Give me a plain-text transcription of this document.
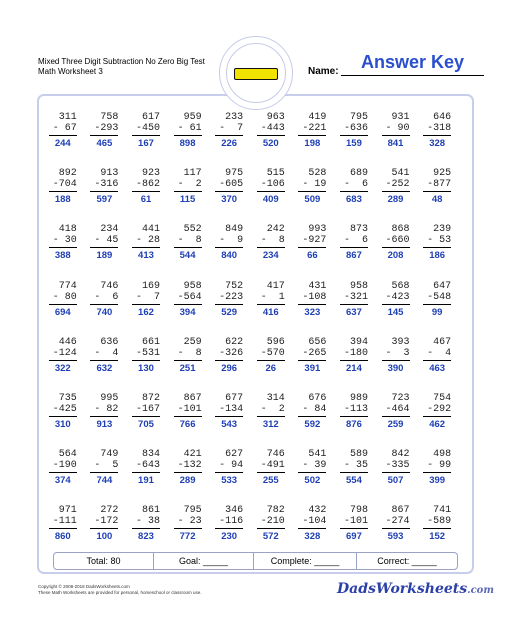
Mixed Three Digit Subtraction No Zero Big Test
Math Worksheet 3	Name:	Answer Key
311
- 67
244
758
-293
465
617
-450
167
959
- 61
898
233
-  7
226
963
-443
520
419
-221
198
795
-636
159
931
- 90
841
646
-318
328
892
-704
188
913
-316
597
923
-862
61
117
-  2
115
975
-605
370
515
-106
409
528
- 19
509
689
-  6
683
541
-252
289
925
-877
48
418
- 30
388
234
- 45
189
441
- 28
413
552
-  8
544
849
-  9
840
242
-  8
234
993
-927
66
873
-  6
867
868
-660
208
239
- 53
186
774
- 80
694
746
-  6
740
169
-  7
162
958
-564
394
752
-223
529
417
-  1
416
431
-108
323
958
-321
637
568
-423
145
647
-548
99
446
-124
322
636
-  4
632
661
-531
130
259
-  8
251
622
-326
296
596
-570
26
656
-265
391
394
-180
214
393
-  3
390
467
-  4
463
735
-425
310
995
- 82
913
872
-167
705
867
-101
766
677
-134
543
314
-  2
312
676
- 84
592
989
-113
876
723
-464
259
754
-292
462
564
-190
374
749
-  5
744
834
-643
191
421
-132
289
627
- 94
533
746
-491
255
541
- 39
502
589
- 35
554
842
-335
507
498
- 99
399
971
-111
860
272
-172
100
861
- 38
823
795
- 23
772
346
-116
230
782
-210
572
432
-104
328
798
-101
697
867
-274
593
741
-589
152
Total: 80	Goal: _____	Complete: _____	Correct: _____
Copyright © 2008-2018 DadsWorksheets.com
These Math Worksheets are provided for personal, homeschool or classroom use.	DadsWorksheets.com
